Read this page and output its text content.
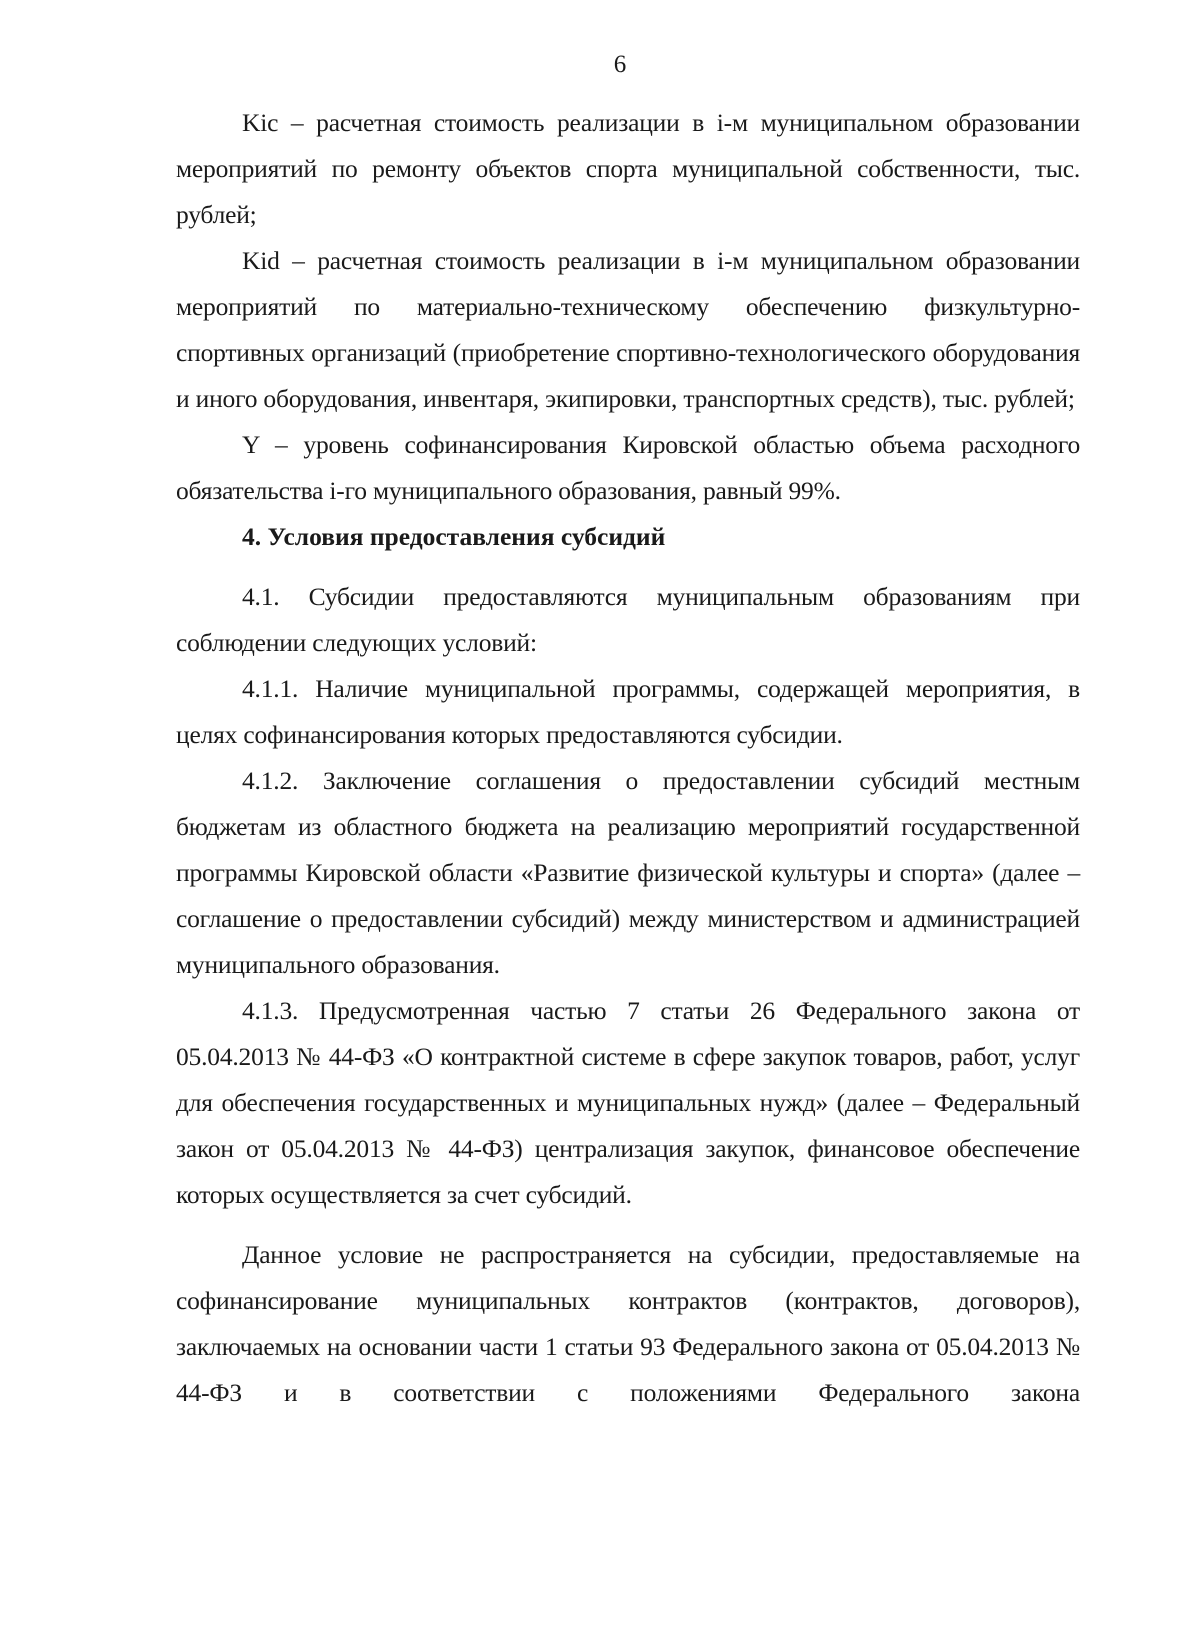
6

Kic – расчетная стоимость реализации в i-м муниципальном образовании мероприятий по ремонту объектов спорта муниципальной собственности, тыс. рублей;

Kid – расчетная стоимость реализации в i-м муниципальном образовании мероприятий по материально-техническому обеспечению физкультурно-спортивных организаций (приобретение спортивно-технологического оборудования и иного оборудования, инвентаря, экипировки, транспортных средств), тыс. рублей;

Y – уровень софинансирования Кировской областью объема расходного обязательства i-го муниципального образования, равный 99%.

4. Условия предоставления субсидий

4.1. Субсидии предоставляются муниципальным образованиям при соблюдении следующих условий:

4.1.1. Наличие муниципальной программы, содержащей мероприятия, в целях софинансирования которых предоставляются субсидии.

4.1.2. Заключение соглашения о предоставлении субсидий местным бюджетам из областного бюджета на реализацию мероприятий государственной программы Кировской области «Развитие физической культуры и спорта» (далее – соглашение о предоставлении субсидий) между министерством и администрацией муниципального образования.

4.1.3. Предусмотренная частью 7 статьи 26 Федерального закона от 05.04.2013 № 44-ФЗ «О контрактной системе в сфере закупок товаров, работ, услуг для обеспечения государственных и муниципальных нужд» (далее – Федеральный закон от 05.04.2013 № 44-ФЗ) централизация закупок, финансовое обеспечение которых осуществляется за счет субсидий.

Данное условие не распространяется на субсидии, предоставляемые на софинансирование муниципальных контрактов (контрактов, договоров), заключаемых на основании части 1 статьи 93 Федерального закона от 05.04.2013 № 44-ФЗ и в соответствии с положениями Федерального закона
